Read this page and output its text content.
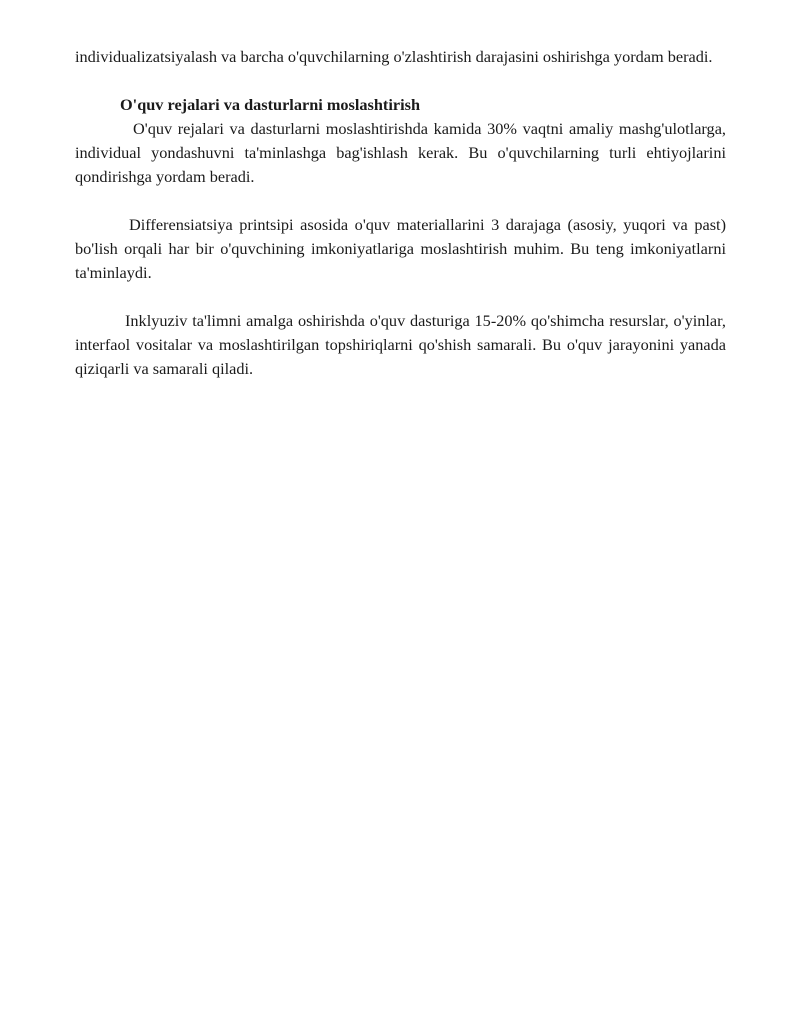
individualizatsiyalash va barcha o'quvchilarning o'zlashtirish darajasini oshirishga yordam beradi.

O'quv rejalari va dasturlarni moslashtirish

O'quv rejalari va dasturlarni moslashtirishda kamida 30% vaqtni amaliy mashg'ulotlarga, individual yondashuvni ta'minlashga bag'ishlash kerak. Bu o'quvchilarning turli ehtiyojlarini qondirishga yordam beradi.

Differensiatsiya printsipi asosida o'quv materiallarini 3 darajaga (asosiy, yuqori va past) bo'lish orqali har bir o'quvchining imkoniyatlariga moslashtirish muhim. Bu teng imkoniyatlarni ta'minlaydi.

Inklyuziv ta'limni amalga oshirishda o'quv dasturiga 15-20% qo'shimcha resurslar, o'yinlar, interfaol vositalar va moslashtirilgan topshiriqlarni qo'shish samarali. Bu o'quv jarayonini yanada qiziqarli va samarali qiladi.
